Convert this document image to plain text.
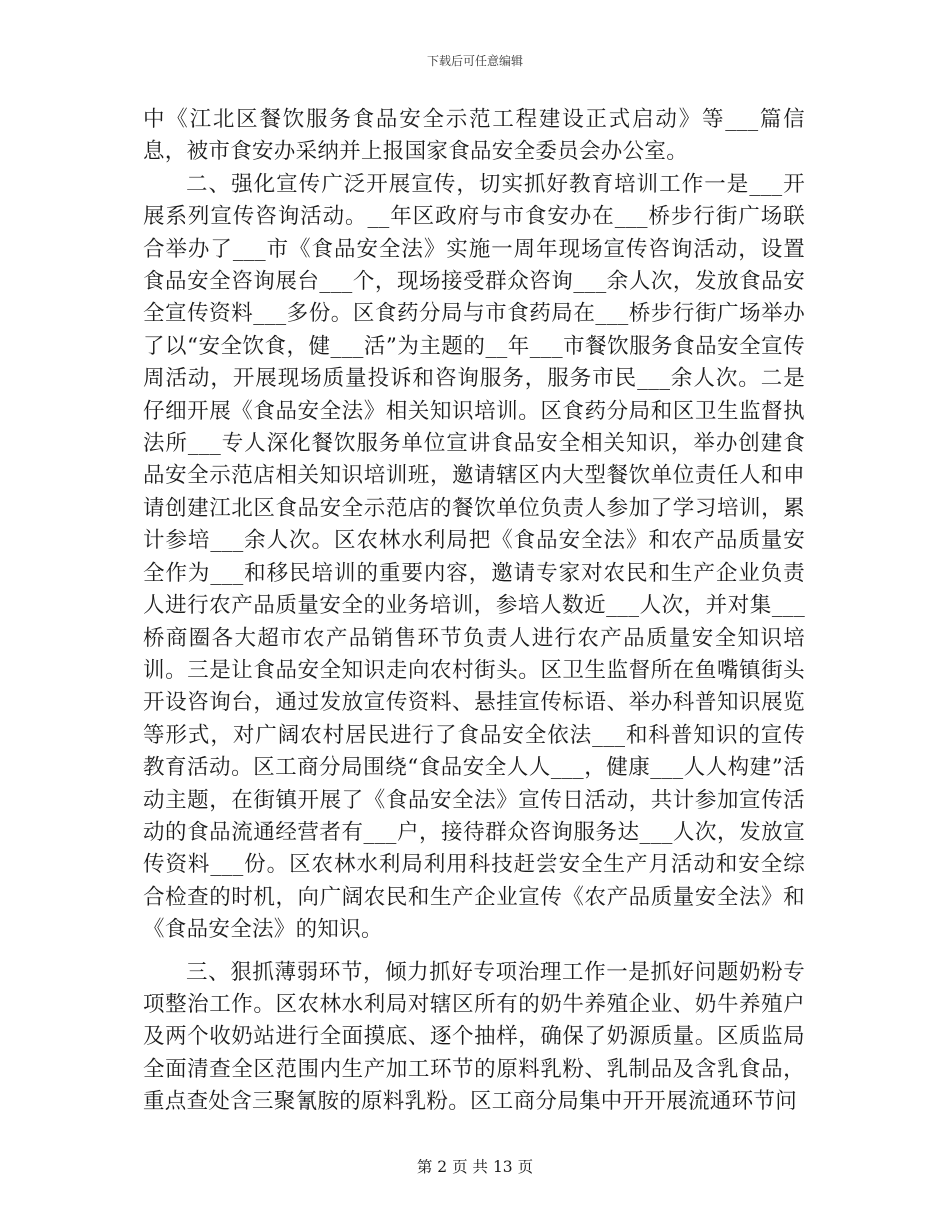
下载后可任意编辑

中《江北区餐饮服务食品安全示范工程建设正式启动》等___篇信息，被市食安办采纳并上报国家食品安全委员会办公室。

二、强化宣传广泛开展宣传，切实抓好教育培训工作一是___开展系列宣传咨询活动。__年区政府与市食安办在___桥步行街广场联合举办了___市《食品安全法》实施一周年现场宣传咨询活动，设置食品安全咨询展台___个，现场接受群众咨询___余人次，发放食品安全宣传资料___多份。区食药分局与市食药局在___桥步行街广场举办了以“安全饮食，健___活”为主题的__年___市餐饮服务食品安全宣传周活动，开展现场质量投诉和咨询服务，服务市民___余人次。二是仔细开展《食品安全法》相关知识培训。区食药分局和区卫生监督执法所___专人深化餐饮服务单位宣讲食品安全相关知识，举办创建食品安全示范店相关知识培训班，邀请辖区内大型餐饮单位责任人和申请创建江北区食品安全示范店的餐饮单位负责人参加了学习培训，累计参培___余人次。区农林水利局把《食品安全法》和农产品质量安全作为___和移民培训的重要内容，邀请专家对农民和生产企业负责人进行农产品质量安全的业务培训，参培人数近___人次，并对集___桥商圈各大超市农产品销售环节负责人进行农产品质量安全知识培训。三是让食品安全知识走向农村街头。区卫生监督所在鱼嘴镇街头开设咨询台，通过发放宣传资料、悬挂宣传标语、举办科普知识展览等形式，对广阔农村居民进行了食品安全依法___和科普知识的宣传教育活动。区工商分局围绕“食品安全人人___，健康___人人构建”活动主题，在街镇开展了《食品安全法》宣传日活动，共计参加宣传活动的食品流通经营者有___户，接待群众咨询服务达___人次，发放宣传资料___份。区农林水利局利用科技赶尝安全生产月活动和安全综合检查的时机，向广阔农民和生产企业宣传《农产品质量安全法》和《食品安全法》的知识。

三、狠抓薄弱环节，倾力抓好专项治理工作一是抓好问题奶粉专项整治工作。区农林水利局对辖区所有的奶牛养殖企业、奶牛养殖户及两个收奶站进行全面摸底、逐个抽样，确保了奶源质量。区质监局全面清查全区范围内生产加工环节的原料乳粉、乳制品及含乳食品，重点查处含三聚氰胺的原料乳粉。区工商分局集中开开展流通环节问

第 2 页 共 13 页
